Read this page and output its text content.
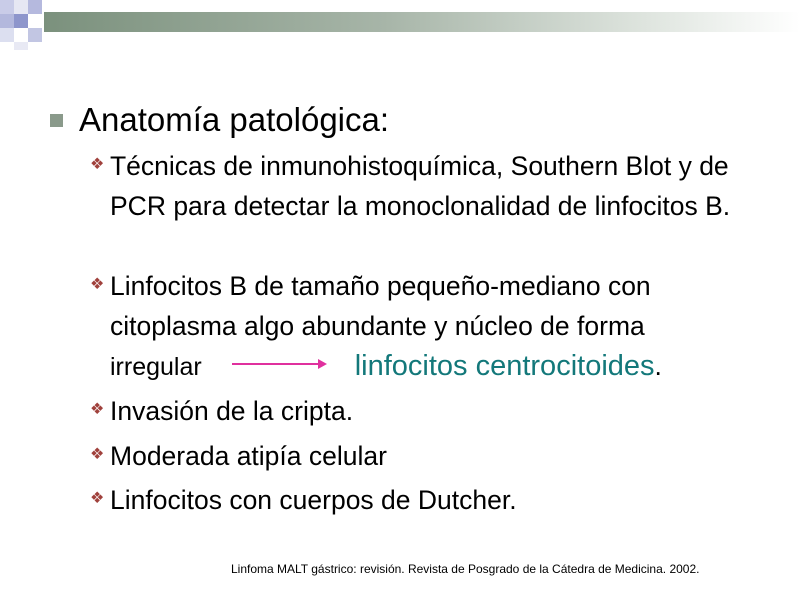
Anatomía patológica:
❖ Técnicas de inmunohistoquímica, Southern Blot y de PCR para detectar la monoclonalidad de linfocitos B.
❖ Linfocitos B de tamaño pequeño-mediano con
citoplasma algo abundante y núcleo de forma
irregular	linfocitos centrocitoides.
❖ Invasión de la cripta.
❖ Moderada atipía celular
❖ Linfocitos con cuerpos de Dutcher.
Linfoma MALT gástrico: revisión. Revista de Posgrado de la Cátedra de Medicina. 2002.
